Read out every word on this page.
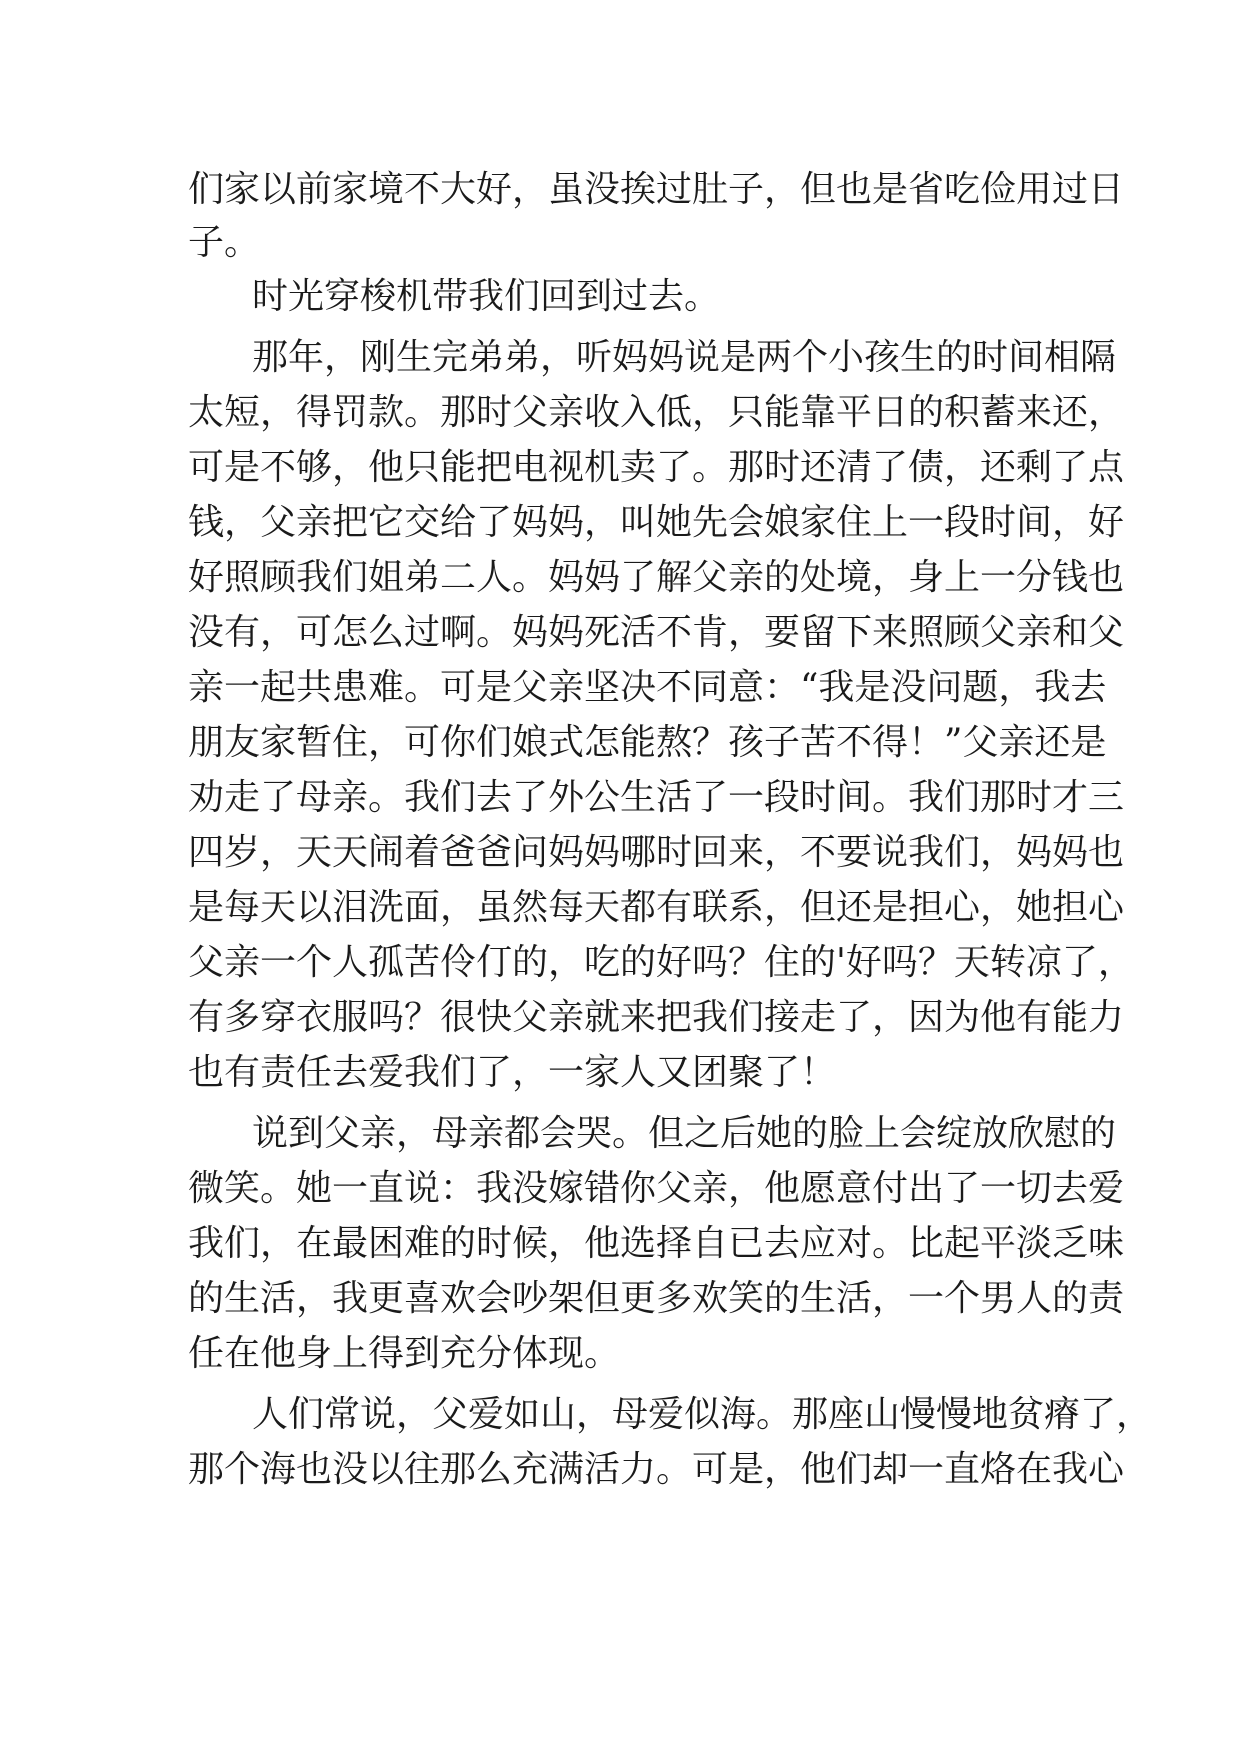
们家以前家境不大好，虽没挨过肚子，但也是省吃俭用过日
子。
时光穿梭机带我们回到过去。
那年，刚生完弟弟，听妈妈说是两个小孩生的时间相隔
太短，得罚款。那时父亲收入低，只能靠平日的积蓄来还，
可是不够，他只能把电视机卖了。那时还清了债，还剩了点
钱，父亲把它交给了妈妈，叫她先会娘家住上一段时间，好
好照顾我们姐弟二人。妈妈了解父亲的处境，身上一分钱也
没有，可怎么过啊。妈妈死活不肯，要留下来照顾父亲和父
亲一起共患难。可是父亲坚决不同意：“我是没问题，我去
朋友家暂住，可你们娘式怎能熬？孩子苦不得！”父亲还是
劝走了母亲。我们去了外公生活了一段时间。我们那时才三
四岁，天天闹着爸爸问妈妈哪时回来，不要说我们，妈妈也
是每天以泪洗面，虽然每天都有联系，但还是担心，她担心
父亲一个人孤苦伶仃的，吃的好吗？住的'好吗？天转凉了，
有多穿衣服吗？很快父亲就来把我们接走了，因为他有能力
也有责任去爱我们了，一家人又团聚了！
说到父亲，母亲都会哭。但之后她的脸上会绽放欣慰的
微笑。她一直说：我没嫁错你父亲，他愿意付出了一切去爱
我们，在最困难的时候，他选择自已去应对。比起平淡乏味
的生活，我更喜欢会吵架但更多欢笑的生活，一个男人的责
任在他身上得到充分体现。
人们常说，父爱如山，母爱似海。那座山慢慢地贫瘠了，
那个海也没以往那么充满活力。可是，他们却一直烙在我心
